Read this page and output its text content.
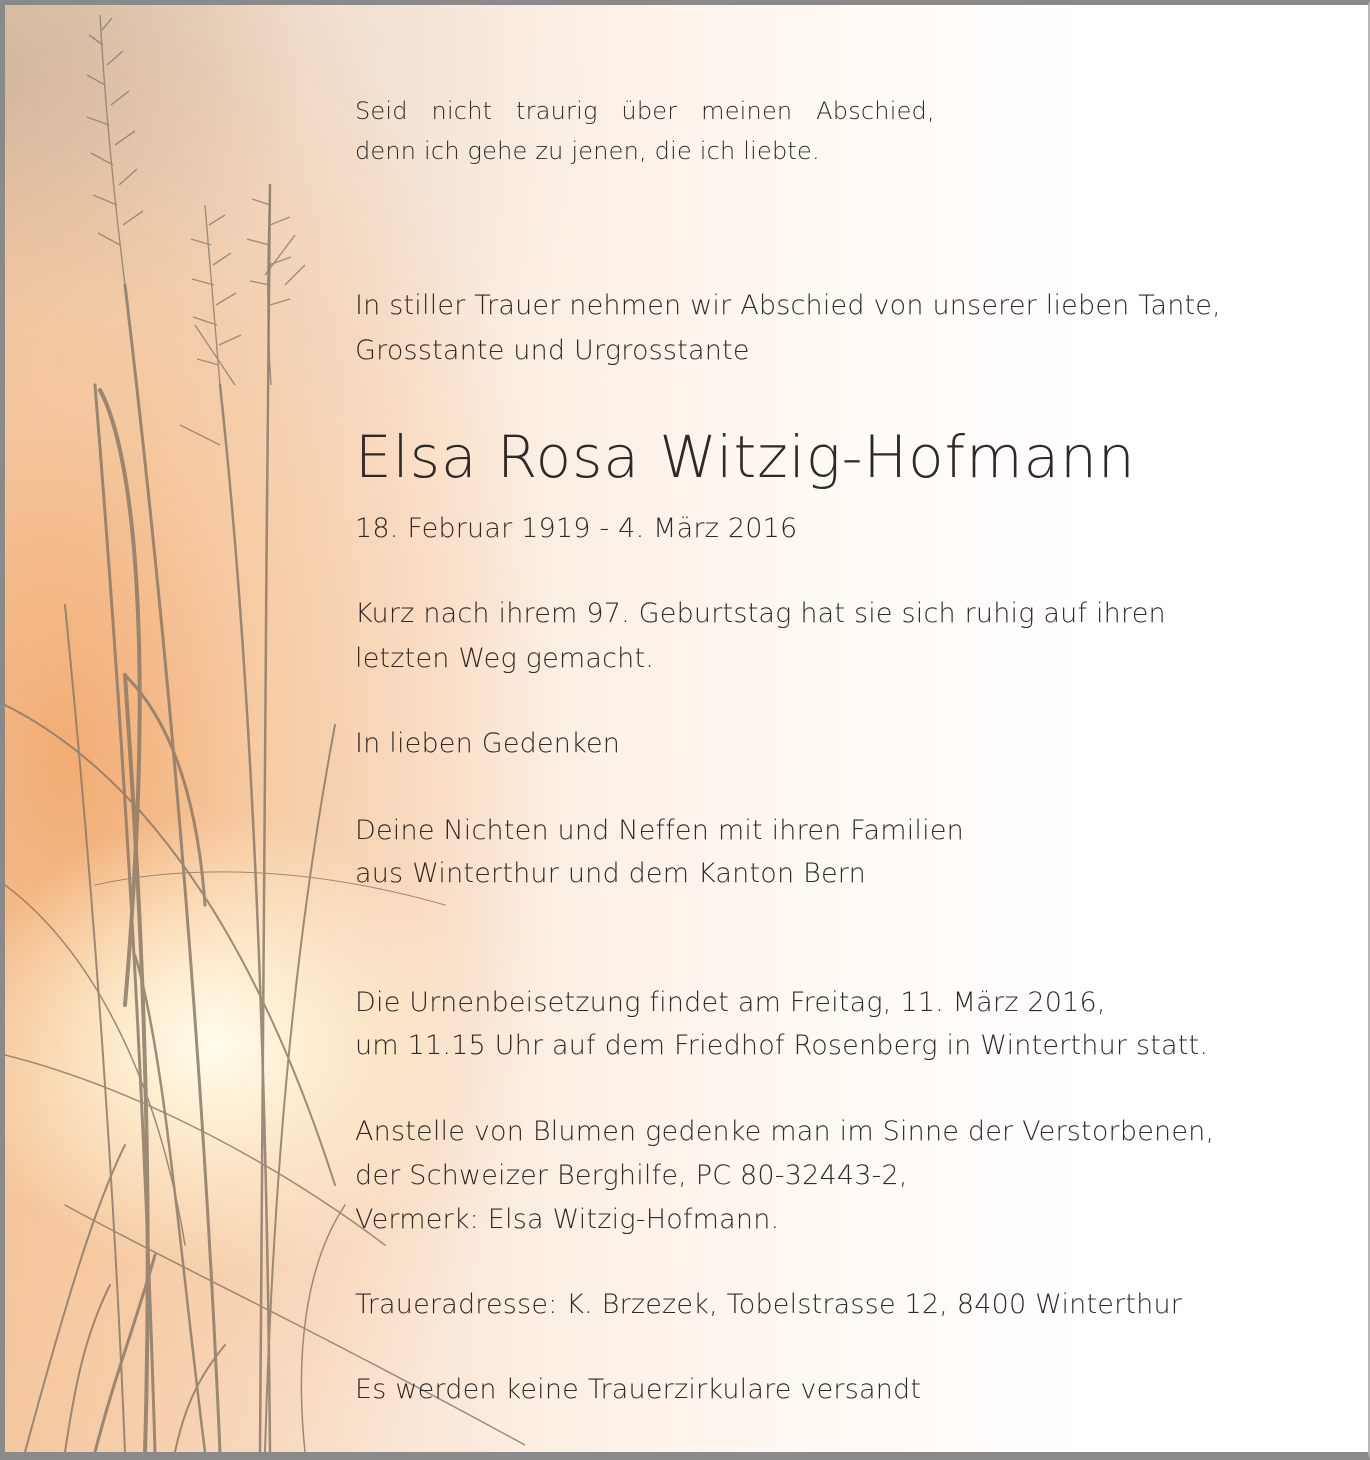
Seid nicht traurig über meinen Abschied,
denn ich gehe zu jenen, die ich liebte.
In stiller Trauer nehmen wir Abschied von unserer lieben Tante,
Grosstante und Urgrosstante
Elsa Rosa Witzig-Hofmann
18. Februar 1919 - 4. März 2016
Kurz nach ihrem 97. Geburtstag hat sie sich ruhig auf ihren
letzten Weg gemacht.
In lieben Gedenken
Deine Nichten und Neffen mit ihren Familien
aus Winterthur und dem Kanton Bern
Die Urnenbeisetzung findet am Freitag, 11. März 2016,
um 11.15 Uhr auf dem Friedhof Rosenberg in Winterthur statt.
Anstelle von Blumen gedenke man im Sinne der Verstorbenen,
der Schweizer Berghilfe, PC 80-32443-2,
Vermerk: Elsa Witzig-Hofmann.
Traueradresse: K. Brzezek, Tobelstrasse 12, 8400 Winterthur
Es werden keine Trauerzirkulare versandt
